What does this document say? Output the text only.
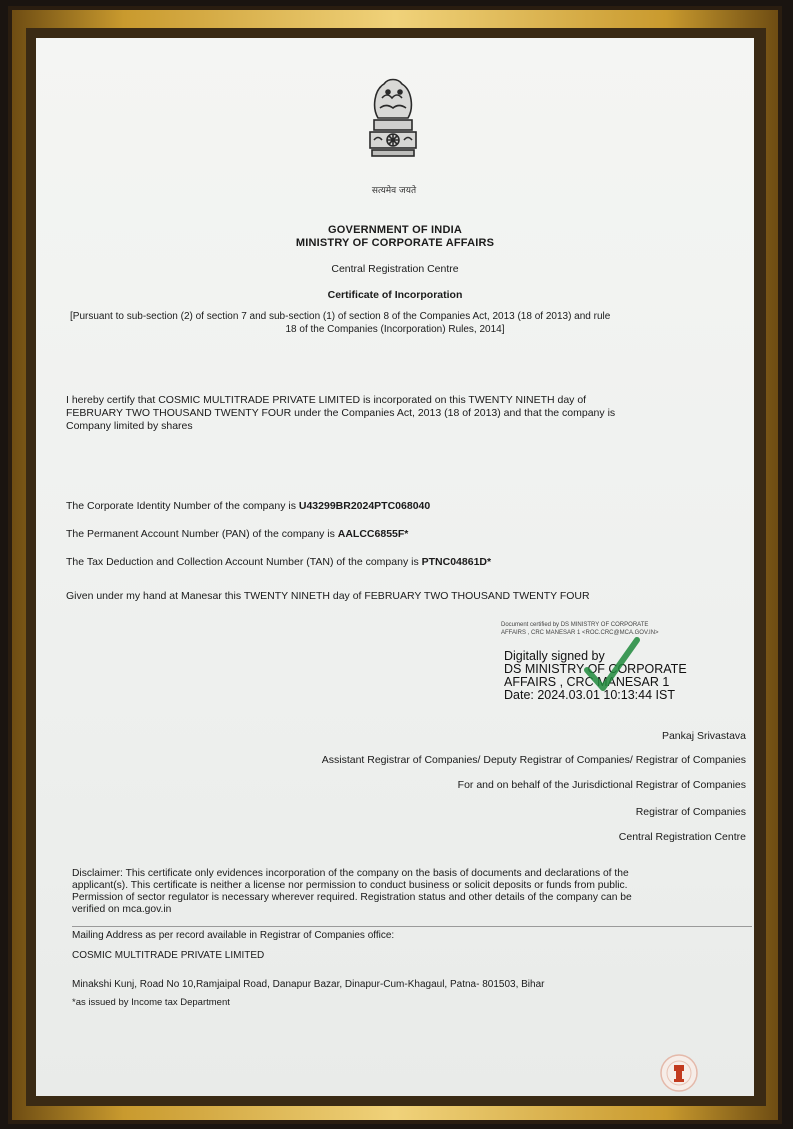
सत्यमेव जयते
GOVERNMENT OF INDIA
MINISTRY OF CORPORATE AFFAIRS
Central Registration Centre
Certificate of Incorporation
[Pursuant to sub-section (2) of section 7 and sub-section (1) of section 8 of the Companies Act, 2013 (18 of 2013) and rule
18 of the Companies (Incorporation) Rules, 2014]
I hereby certify that COSMIC MULTITRADE PRIVATE LIMITED is incorporated on this TWENTY NINETH day of
FEBRUARY TWO THOUSAND TWENTY FOUR under the Companies Act, 2013 (18 of 2013) and that the company is
Company limited by shares
The Corporate Identity Number of the company is U43299BR2024PTC068040
The Permanent Account Number (PAN) of the company is AALCC6855F*
The Tax Deduction and Collection Account Number (TAN) of the company is PTNC04861D*
Given under my hand at Manesar this TWENTY NINETH day of FEBRUARY TWO THOUSAND TWENTY FOUR
Document certified by DS MINISTRY OF CORPORATE
AFFAIRS , CRC MANESAR 1 <ROC.CRC@MCA.GOV.IN>
Digitally signed by
DS MINISTRY OF CORPORATE
AFFAIRS , CRC MANESAR 1
Date: 2024.03.01 10:13:44 IST
Pankaj Srivastava
Assistant Registrar of Companies/ Deputy Registrar of Companies/ Registrar of Companies
For and on behalf of the Jurisdictional Registrar of Companies
Registrar of Companies
Central Registration Centre
Disclaimer: This certificate only evidences incorporation of the company on the basis of documents and declarations of the
applicant(s). This certificate is neither a license nor permission to conduct business or solicit deposits or funds from public.
Permission of sector regulator is necessary wherever required. Registration status and other details of the company can be
verified on mca.gov.in
Mailing Address as per record available in Registrar of Companies office:
COSMIC MULTITRADE PRIVATE LIMITED
Minakshi Kunj, Road No 10,Ramjaipal Road, Danapur Bazar, Dinapur-Cum-Khagaul, Patna- 801503, Bihar
*as issued by Income tax Department
